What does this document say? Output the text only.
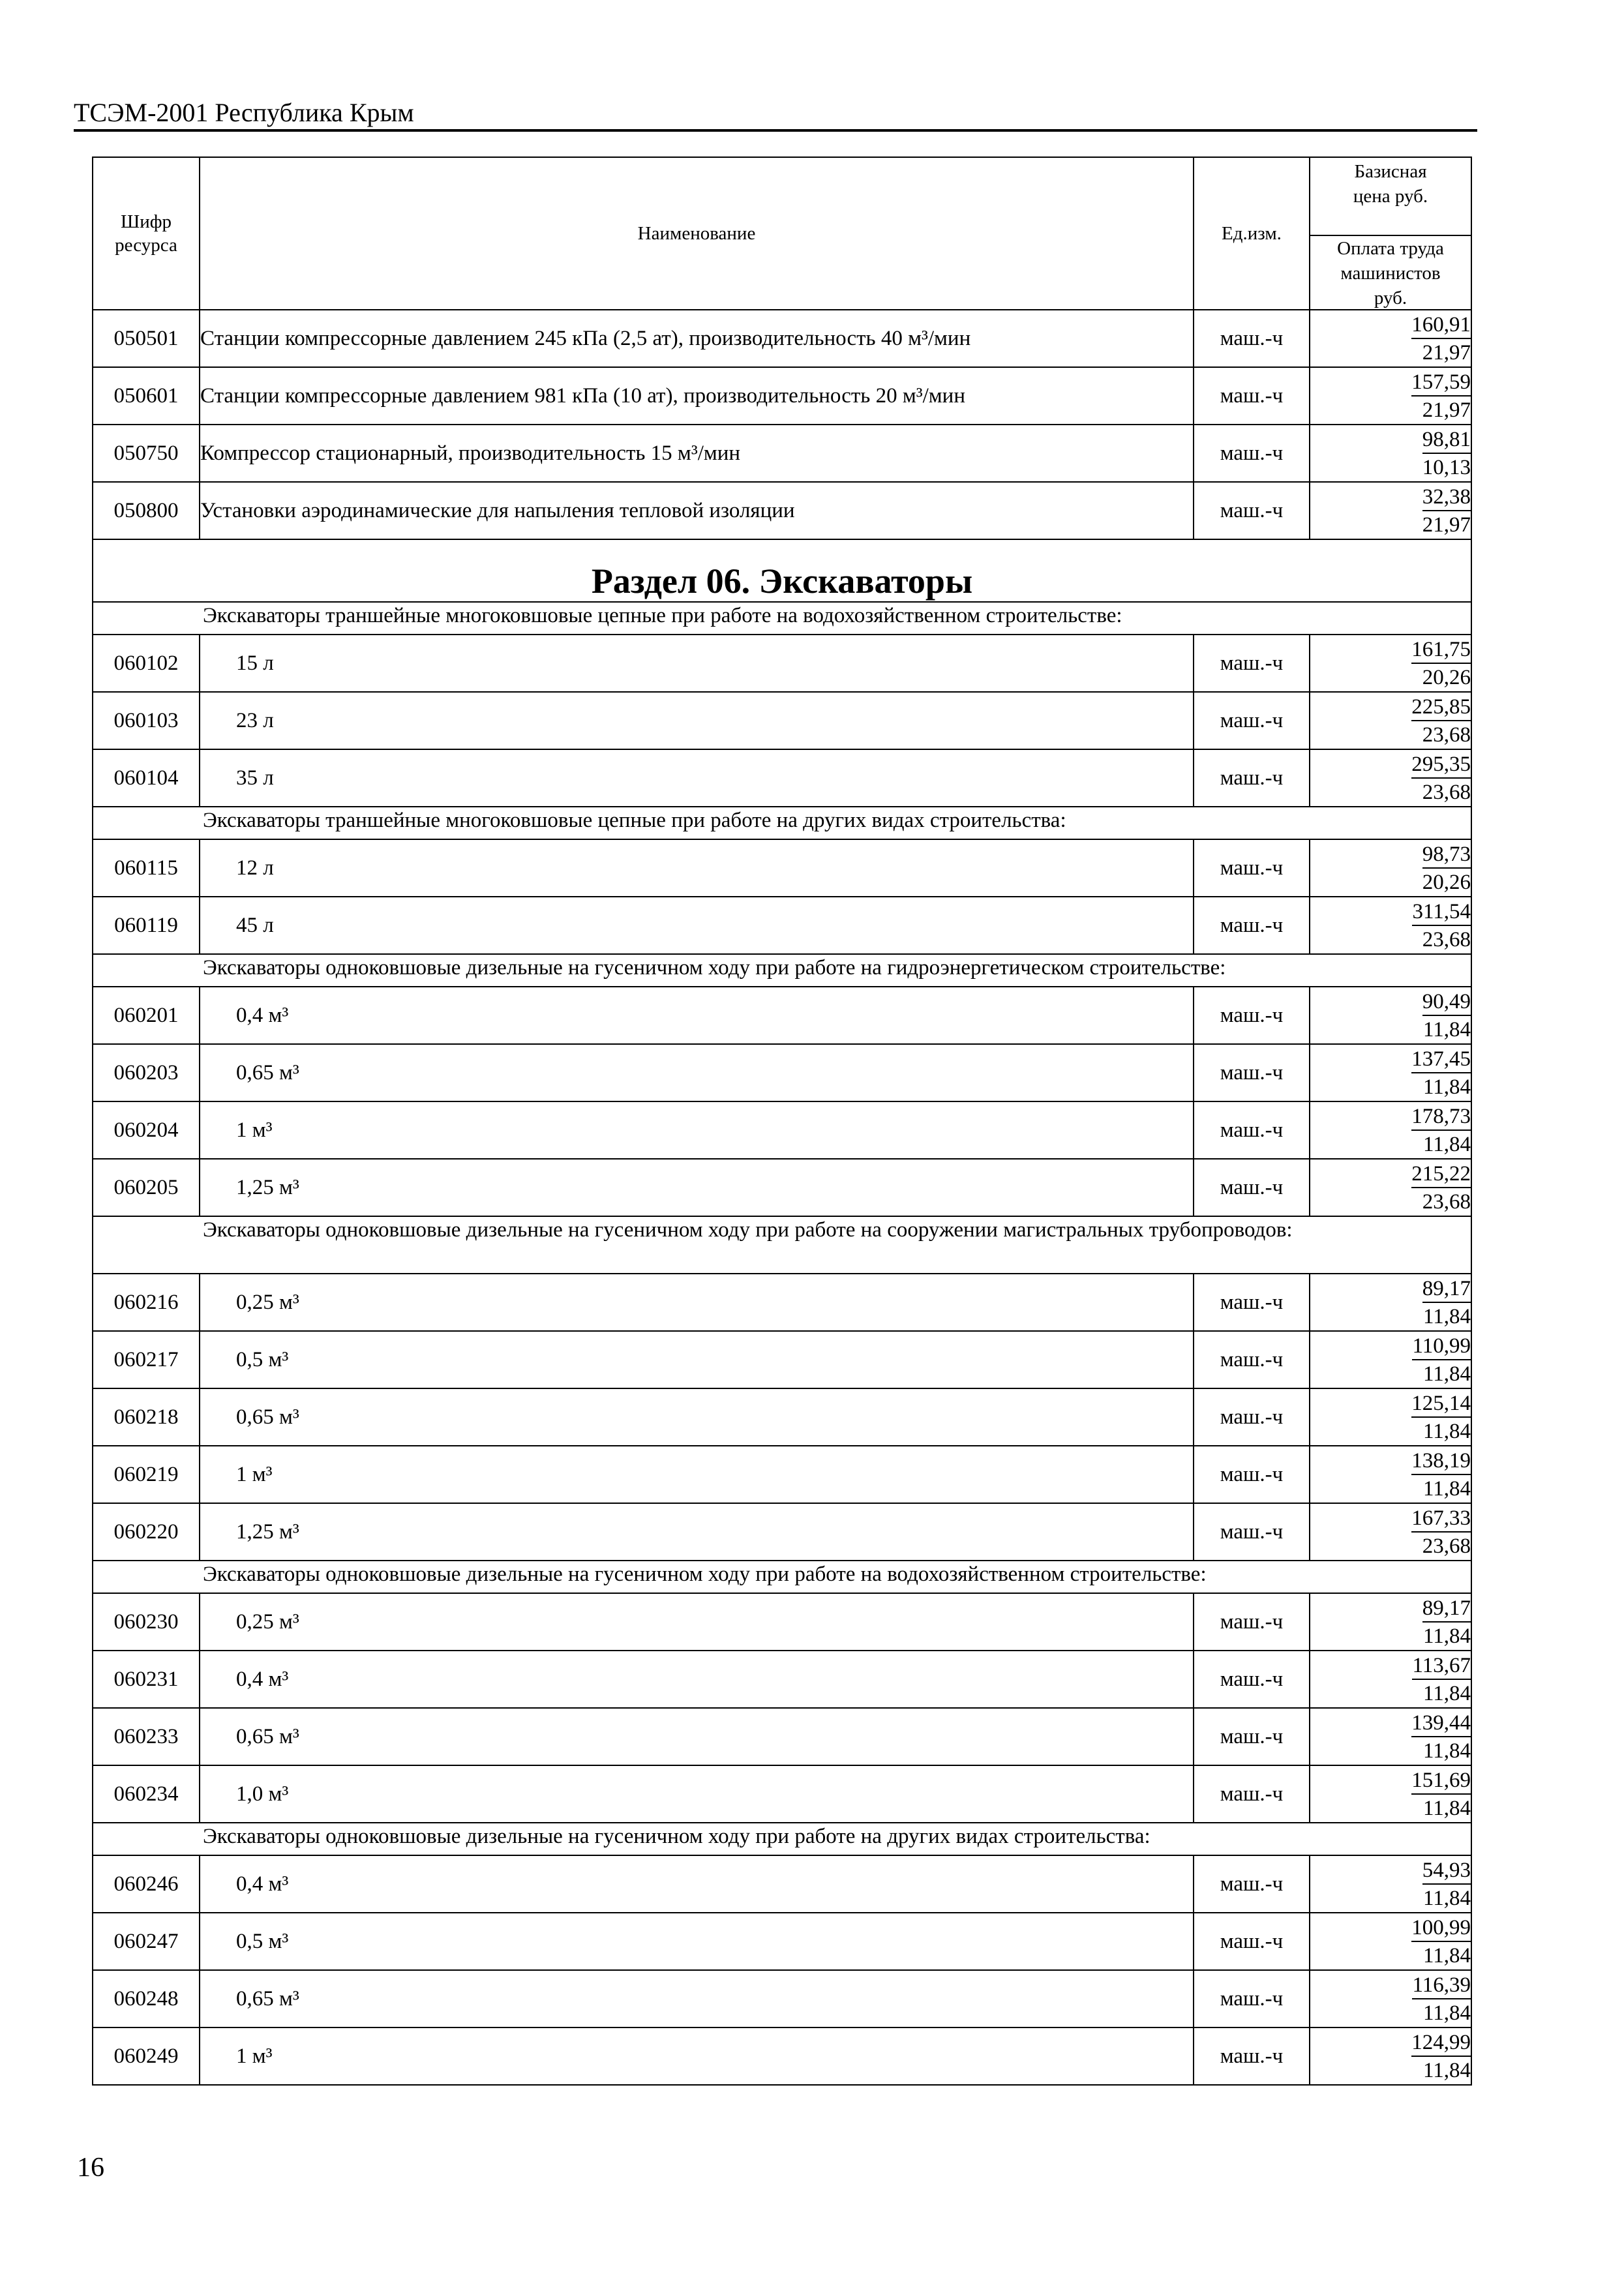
ТСЭМ-2001 Республика Крым
Шифр ресурса	Наименование	Ед.изм.	Базисная цена руб.
Оплата труда машинистов руб.

050501	Станции компрессорные давлением 245 кПа (2,5 ат), производительность 40 м³/мин	маш.-ч	160,91
21,97

050601	Станции компрессорные давлением 981 кПа (10 ат), производительность 20 м³/мин	маш.-ч	157,59
21,97

050750	Компрессор стационарный, производительность 15 м³/мин	маш.-ч	98,81
10,13

050800	Установки аэродинамические для напыления тепловой изоляции	маш.-ч	32,38
21,97

Раздел 06. Экскаваторы			

Экскаваторы траншейные многоковшовые цепные при работе на водохозяйственном строительстве:			

060102	15 л	маш.-ч	161,75
20,26

060103	23 л	маш.-ч	225,85
23,68

060104	35 л	маш.-ч	295,35
23,68

Экскаваторы траншейные многоковшовые цепные при работе на других видах строительства:			

060115	12 л	маш.-ч	98,73
20,26

060119	45 л	маш.-ч	311,54
23,68

Экскаваторы одноковшовые дизельные на гусеничном ходу при работе на гидроэнергетическом строительстве:			

060201	0,4 м³	маш.-ч	90,49
11,84

060203	0,65 м³	маш.-ч	137,45
11,84

060204	1 м³	маш.-ч	178,73
11,84

060205	1,25 м³	маш.-ч	215,22
23,68

Экскаваторы одноковшовые дизельные на гусеничном ходу при работе на сооружении магистральных трубопроводов:			

060216	0,25 м³	маш.-ч	89,17
11,84

060217	0,5 м³	маш.-ч	110,99
11,84

060218	0,65 м³	маш.-ч	125,14
11,84

060219	1 м³	маш.-ч	138,19
11,84

060220	1,25 м³	маш.-ч	167,33
23,68

Экскаваторы одноковшовые дизельные на гусеничном ходу при работе на водохозяйственном строительстве:			

060230	0,25 м³	маш.-ч	89,17
11,84

060231	0,4 м³	маш.-ч	113,67
11,84

060233	0,65 м³	маш.-ч	139,44
11,84

060234	1,0 м³	маш.-ч	151,69
11,84

Экскаваторы одноковшовые дизельные на гусеничном ходу при работе на других видах строительства:			

060246	0,4 м³	маш.-ч	54,93
11,84

060247	0,5 м³	маш.-ч	100,99
11,84

060248	0,65 м³	маш.-ч	116,39
11,84

060249	1 м³	маш.-ч	124,99
11,84
16
